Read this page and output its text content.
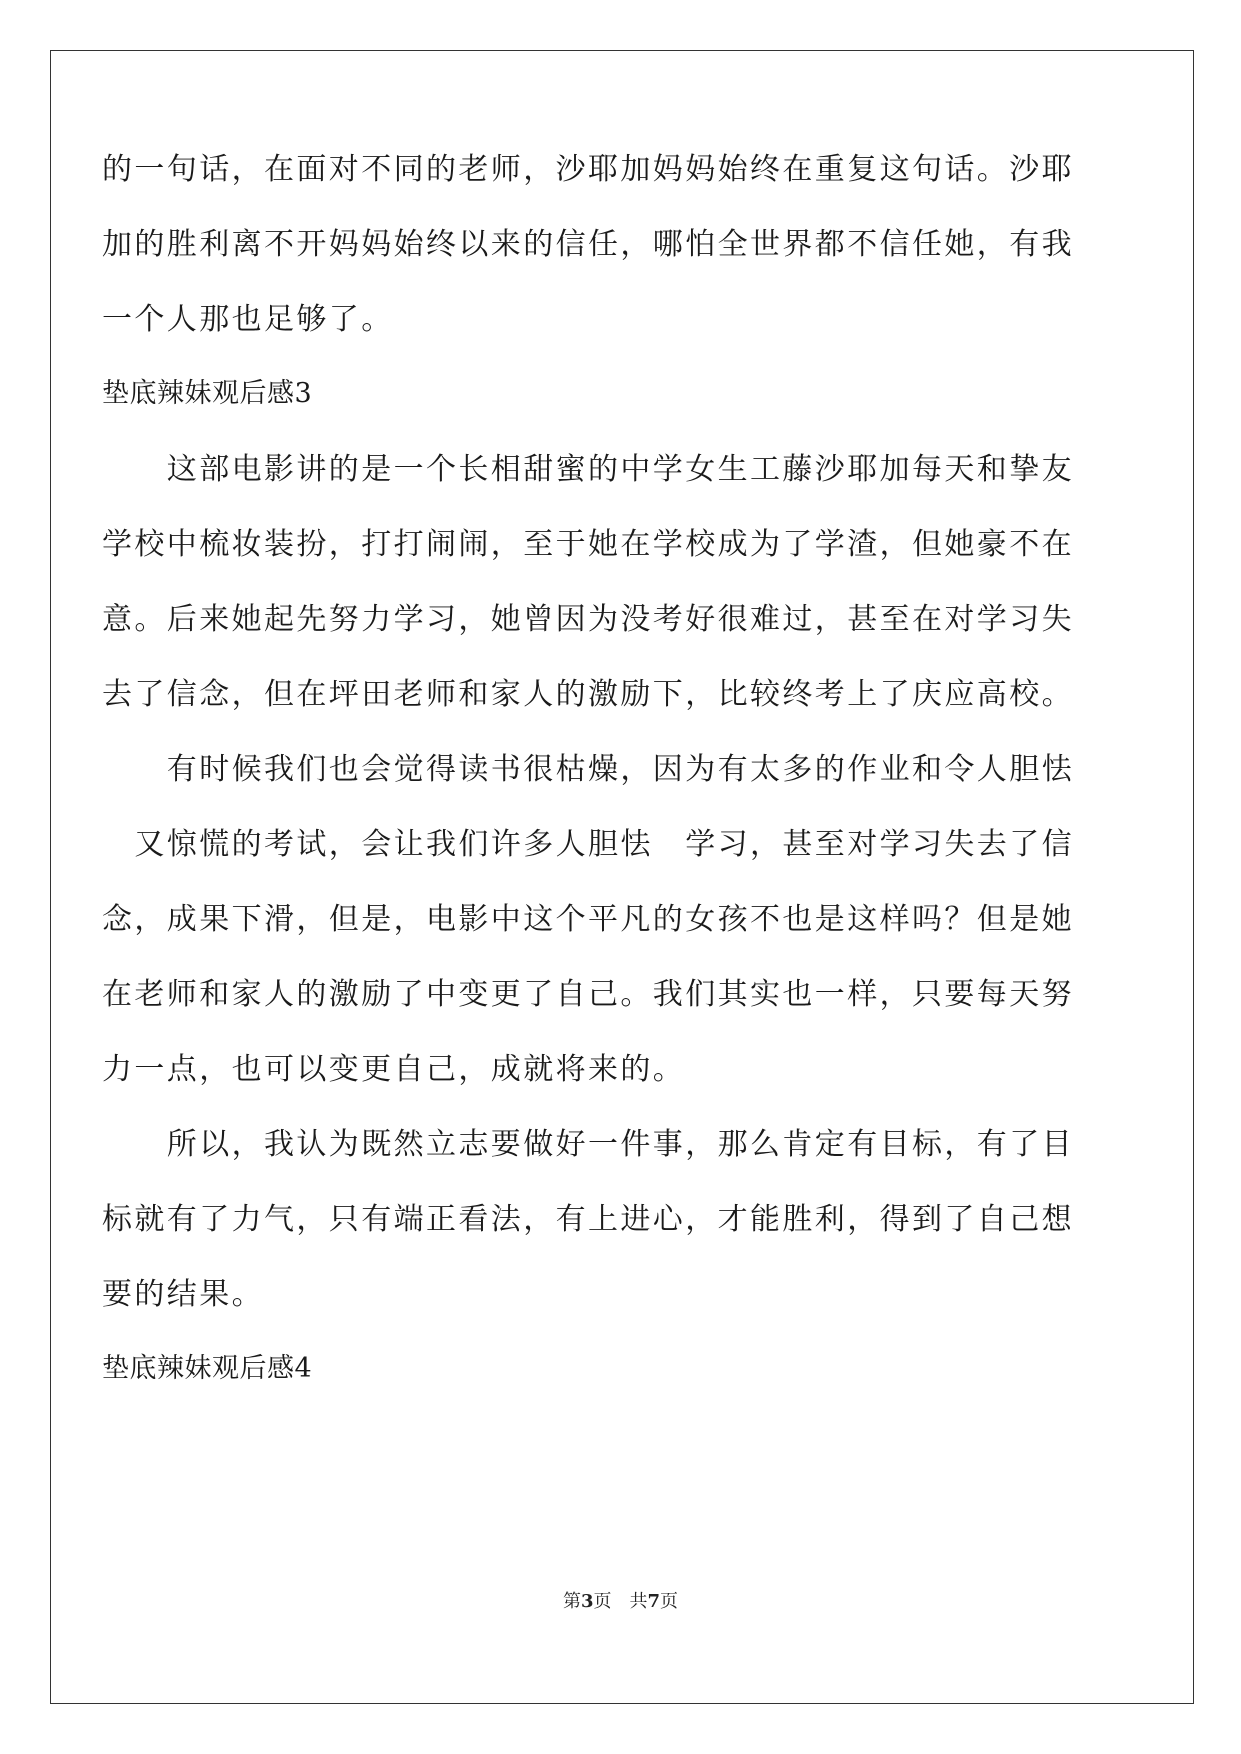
的一句话，在面对不同的老师，沙耶加妈妈始终在重复这句话。沙耶
加的胜利离不开妈妈始终以来的信任，哪怕全世界都不信任她，有我
一个人那也足够了。
垫底辣妹观后感3
　　这部电影讲的是一个长相甜蜜的中学女生工藤沙耶加每天和挚友
学校中梳妆装扮，打打闹闹，至于她在学校成为了学渣，但她豪不在
意。后来她起先努力学习，她曾因为没考好很难过，甚至在对学习失
去了信念，但在坪田老师和家人的激励下，比较终考上了庆应高校。
　　有时候我们也会觉得读书很枯燥，因为有太多的作业和令人胆怯
　又惊慌的考试，会让我们许多人胆怯　学习，甚至对学习失去了信
念，成果下滑，但是，电影中这个平凡的女孩不也是这样吗？但是她
在老师和家人的激励了中变更了自己。我们其实也一样，只要每天努
力一点，也可以变更自己，成就将来的。
　　所以，我认为既然立志要做好一件事，那么肯定有目标，有了目
标就有了力气，只有端正看法，有上进心，才能胜利，得到了自己想
要的结果。
垫底辣妹观后感4
第3页 共7页
